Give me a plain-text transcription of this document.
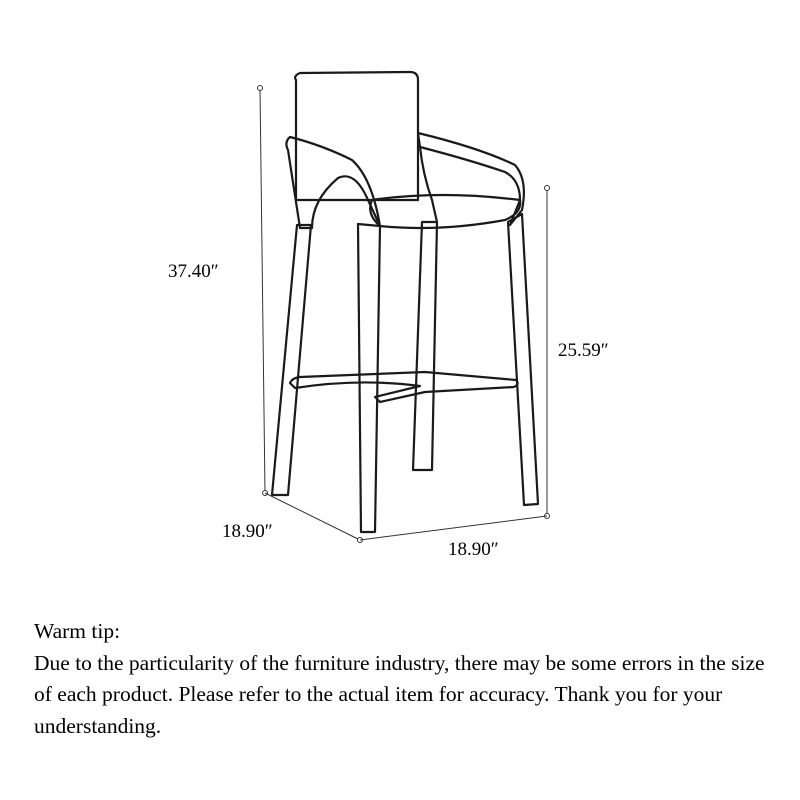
37.40″
25.59″
18.90″
18.90″

Warm tip:

Due to the particularity of the furniture industry, there may be some errors in the size of each product. Please refer to the actual item for accuracy. Thank you for your understanding.
